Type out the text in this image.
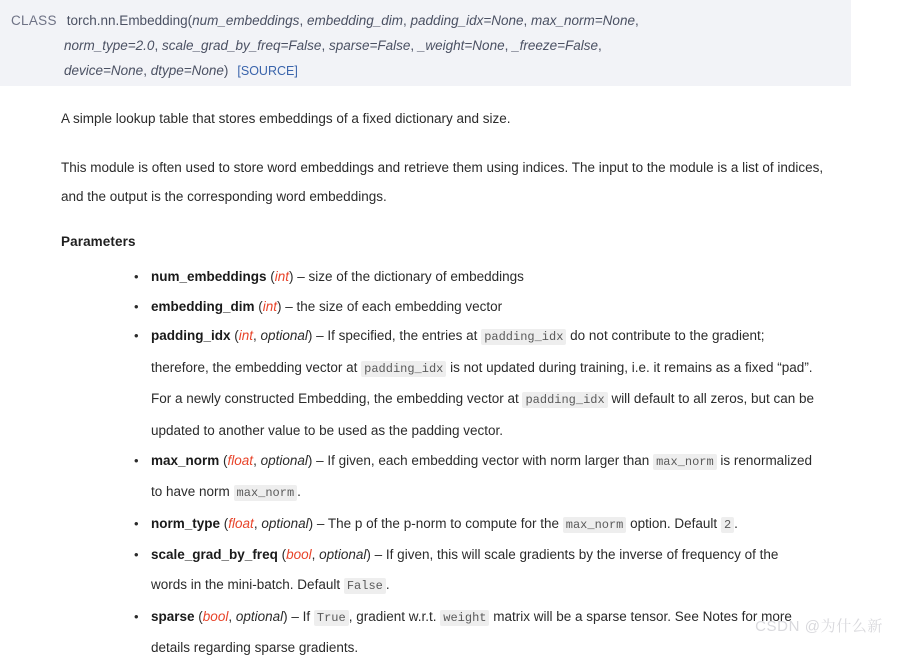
CLASS torch.nn.Embedding(num_embeddings, embedding_dim, padding_idx=None, max_norm=None,
norm_type=2.0, scale_grad_by_freq=False, sparse=False, _weight=None, _freeze=False,
device=None, dtype=None) [SOURCE]

A simple lookup table that stores embeddings of a fixed dictionary and size.

This module is often used to store word embeddings and retrieve them using indices. The input to the module is a list of indices, and the output is the corresponding word embeddings.

Parameters
• num_embeddings (int) – size of the dictionary of embeddings
• embedding_dim (int) – the size of each embedding vector
• padding_idx (int, optional) – If specified, the entries at padding_idx do not contribute to the gradient; therefore, the embedding vector at padding_idx is not updated during training, i.e. it remains as a fixed “pad”. For a newly constructed Embedding, the embedding vector at padding_idx will default to all zeros, but can be updated to another value to be used as the padding vector.
• max_norm (float, optional) – If given, each embedding vector with norm larger than max_norm is renormalized to have norm max_norm .
• norm_type (float, optional) – The p of the p-norm to compute for the max_norm option. Default 2 .
• scale_grad_by_freq (bool, optional) – If given, this will scale gradients by the inverse of frequency of the words in the mini-batch. Default False .
• sparse (bool, optional) – If True , gradient w.r.t. weight matrix will be a sparse tensor. See Notes for more details regarding sparse gradients.
CSDN @为什么新
